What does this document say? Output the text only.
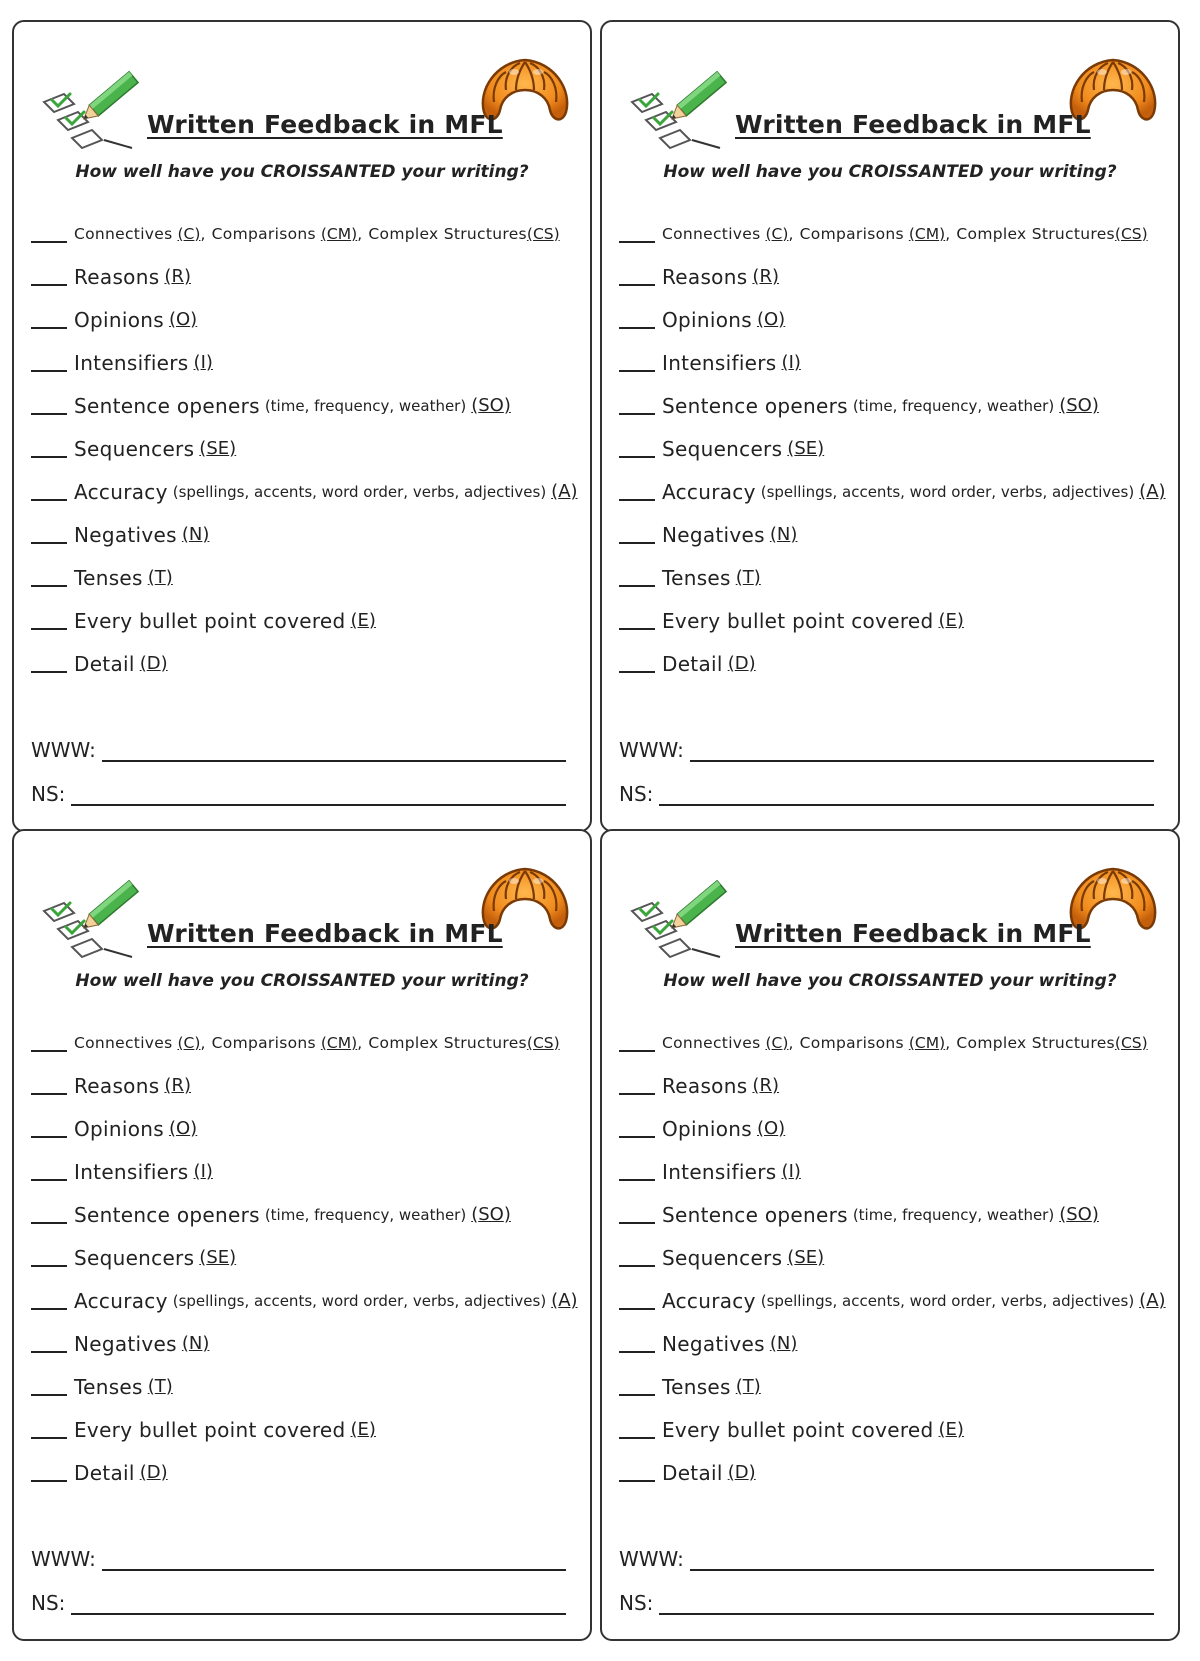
Written Feedback in MFL
How well have you CROISSANTED your writing?
Connectives ( C ) , Comparisons ( CM ) , Complex Structures ( CS )
Reasons ( R )
Opinions ( O )
Intensifiers ( I )
Sentence openers (time, frequency, weather) ( SO )
Sequencers ( SE )
Accuracy (spellings, accents, word order, verbs, adjectives) ( A )
Negatives ( N )
Tenses ( T )
Every bullet point covered ( E )
Detail ( D )
WWW:
NS:
Written Feedback in MFL
How well have you CROISSANTED your writing?
Connectives ( C ) , Comparisons ( CM ) , Complex Structures ( CS )
Reasons ( R )
Opinions ( O )
Intensifiers ( I )
Sentence openers (time, frequency, weather) ( SO )
Sequencers ( SE )
Accuracy (spellings, accents, word order, verbs, adjectives) ( A )
Negatives ( N )
Tenses ( T )
Every bullet point covered ( E )
Detail ( D )
WWW:
NS:
Written Feedback in MFL
How well have you CROISSANTED your writing?
Connectives ( C ) , Comparisons ( CM ) , Complex Structures ( CS )
Reasons ( R )
Opinions ( O )
Intensifiers ( I )
Sentence openers (time, frequency, weather) ( SO )
Sequencers ( SE )
Accuracy (spellings, accents, word order, verbs, adjectives) ( A )
Negatives ( N )
Tenses ( T )
Every bullet point covered ( E )
Detail ( D )
WWW:
NS:
Written Feedback in MFL
How well have you CROISSANTED your writing?
Connectives ( C ) , Comparisons ( CM ) , Complex Structures ( CS )
Reasons ( R )
Opinions ( O )
Intensifiers ( I )
Sentence openers (time, frequency, weather) ( SO )
Sequencers ( SE )
Accuracy (spellings, accents, word order, verbs, adjectives) ( A )
Negatives ( N )
Tenses ( T )
Every bullet point covered ( E )
Detail ( D )
WWW:
NS:
